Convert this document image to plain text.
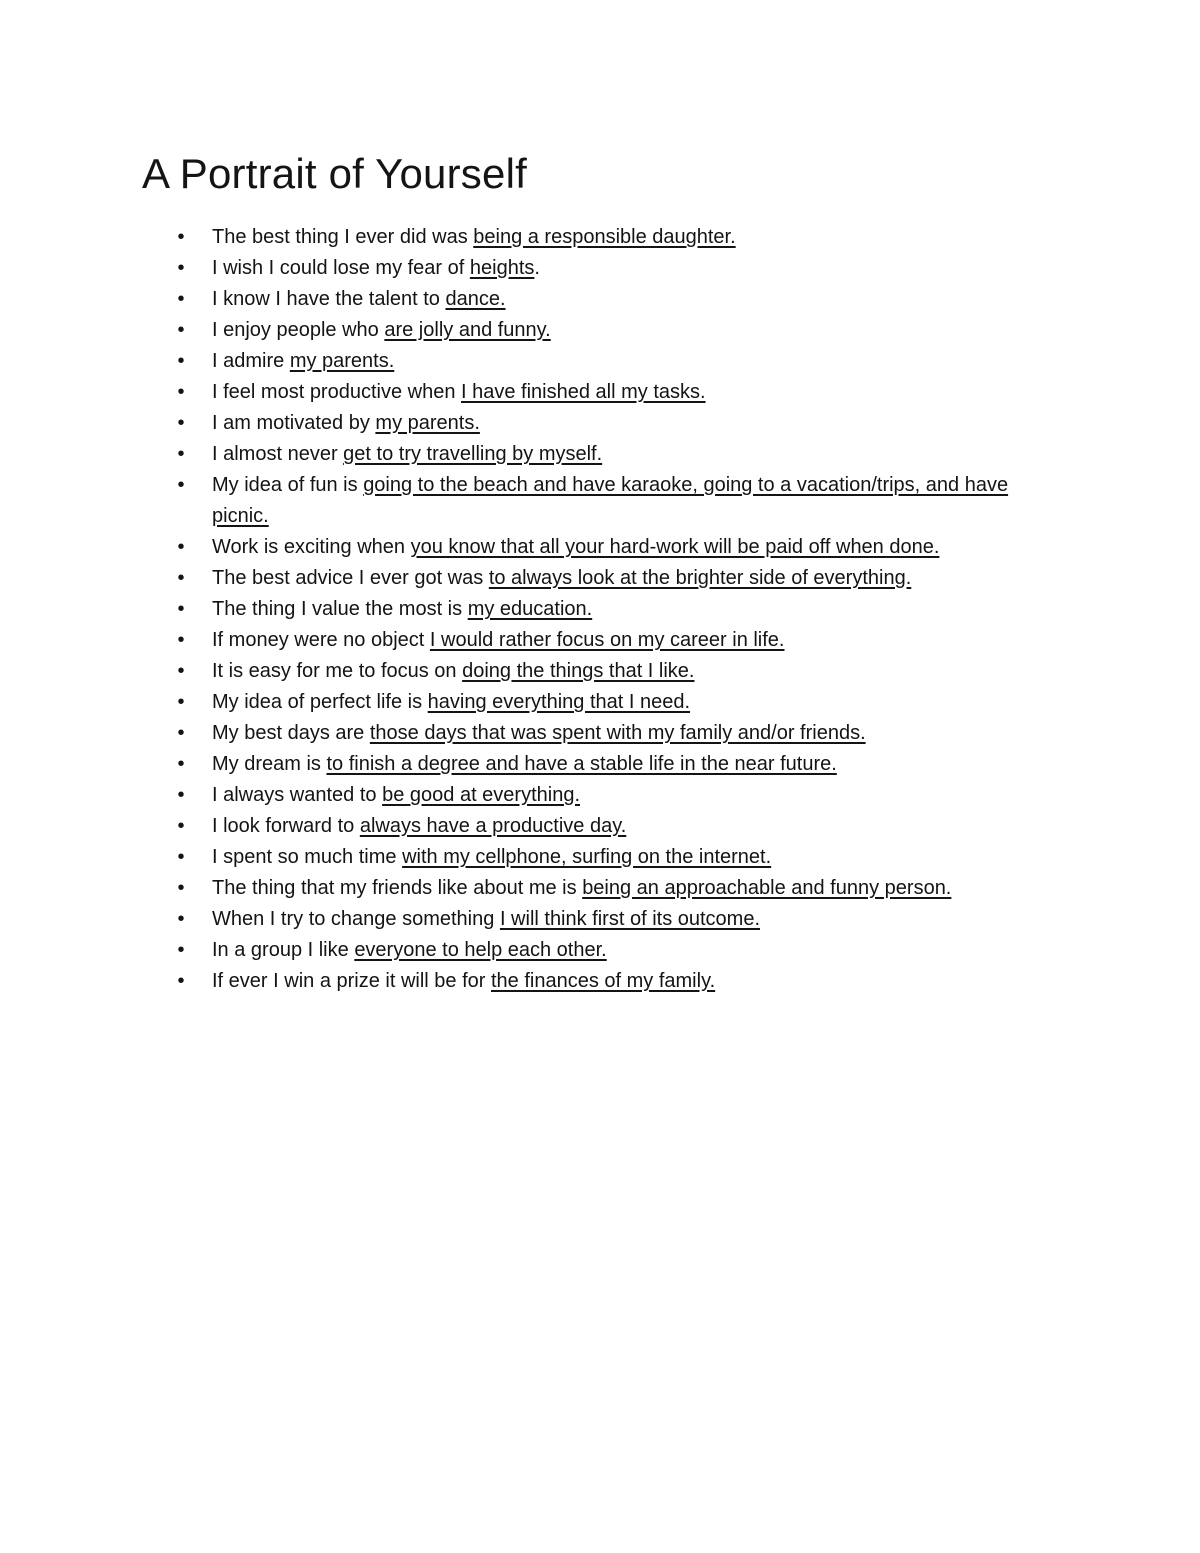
A Portrait of Yourself
• The best thing I ever did was being a responsible daughter.
• I wish I could lose my fear of heights.
• I know I have the talent to dance.
• I enjoy people who are jolly and funny.
• I admire my parents.
• I feel most productive when I have finished all my tasks.
• I am motivated by my parents.
• I almost never get to try travelling by myself.
• My idea of fun is going to the beach and have karaoke, going to a vacation/trips, and have picnic.
• Work is exciting when you know that all your hard-work will be paid off when done.
• The best advice I ever got was to always look at the brighter side of everything.
• The thing I value the most is my education.
• If money were no object I would rather focus on my career in life.
• It is easy for me to focus on doing the things that I like.
• My idea of perfect life is having everything that I need.
• My best days are those days that was spent with my family and/or friends.
• My dream is to finish a degree and have a stable life in the near future.
• I always wanted to be good at everything.
• I look forward to always have a productive day.
• I spent so much time with my cellphone, surfing on the internet.
• The thing that my friends like about me is being an approachable and funny person.
• When I try to change something I will think first of its outcome.
• In a group I like everyone to help each other.
• If ever I win a prize it will be for the finances of my family.
